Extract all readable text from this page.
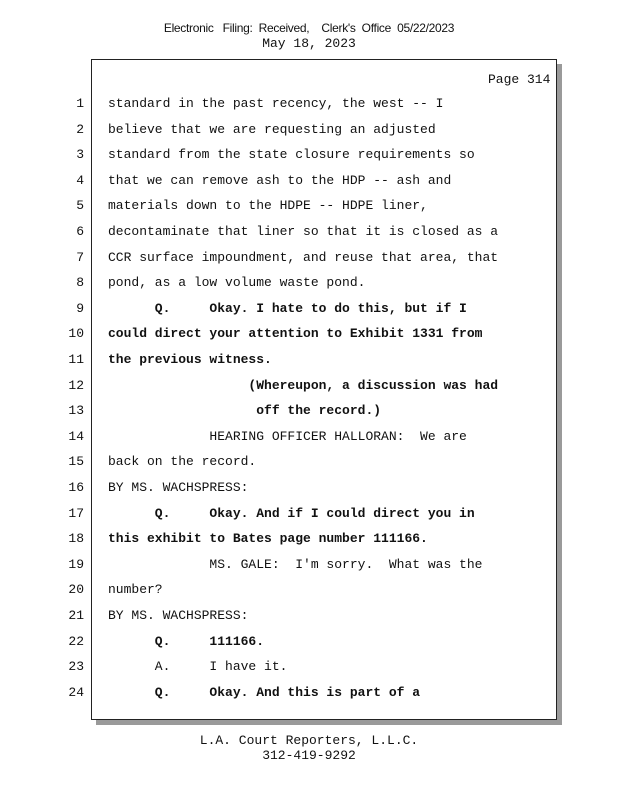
Electronic   Filing:  Received,    Clerk's  Office  05/22/2023
May 18, 2023
Page 314
1 standard in the past recency, the west -- I
2 believe that we are requesting an adjusted
3 standard from the state closure requirements so
4 that we can remove ash to the HDP -- ash and
5 materials down to the HDPE -- HDPE liner,
6 decontaminate that liner so that it is closed as a
7 CCR surface impoundment, and reuse that area, that
8 pond, as a low volume waste pond.
9 Q.     Okay. I hate to do this, but if I
10 could direct your attention to Exhibit 1331 from
11 the previous witness.
12 (Whereupon, a discussion was had
13 off the record.)
14 HEARING OFFICER HALLORAN:  We are
15 back on the record.
16 BY MS. WACHSPRESS:
17 Q.     Okay. And if I could direct you in
18 this exhibit to Bates page number 111166.
19 MS. GALE:  I'm sorry.  What was the
20 number?
21 BY MS. WACHSPRESS:
22 Q.     111166.
23 A.     I have it.
24 Q.     Okay. And this is part of a
L.A. Court Reporters, L.L.C.
312-419-9292
